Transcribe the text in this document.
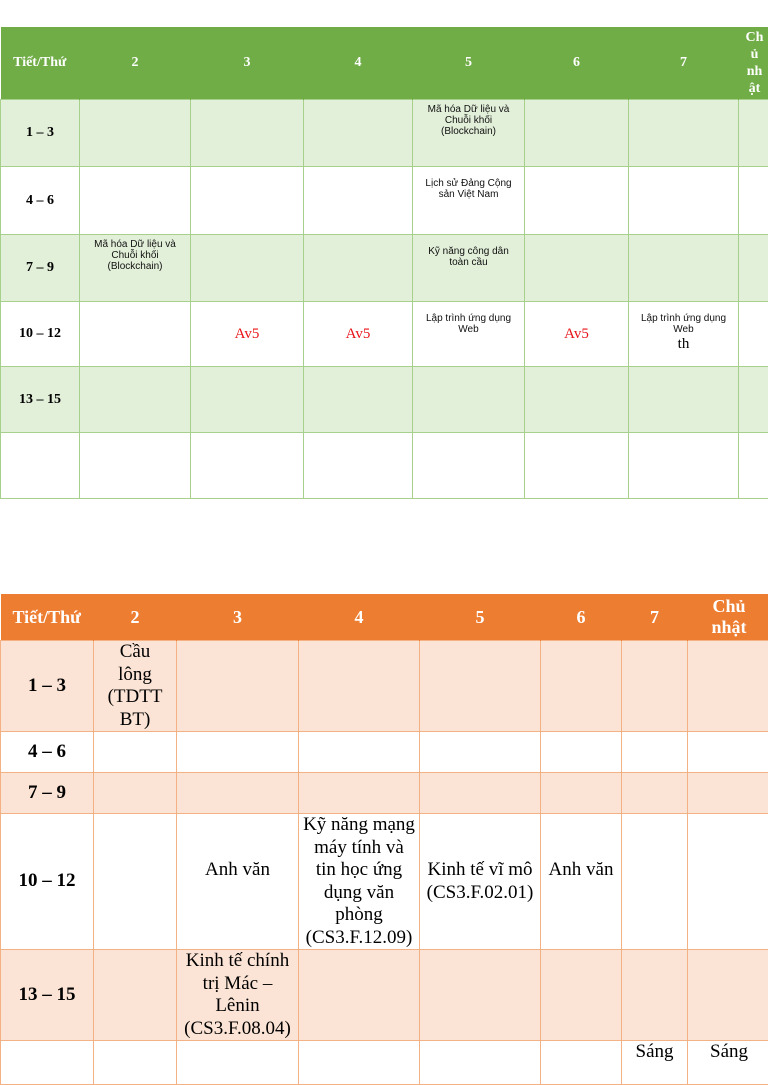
Tiết/Thứ	2	3	4	5	6	7	Ch
ủ
nh
ật
1 – 3				Mã hóa Dữ liệu và Chuỗi khối (Blockchain)			

4 – 6				Lịch sử Đảng Cộng sản Việt Nam			

7 – 9	Mã hóa Dữ liệu và Chuỗi khối (Blockchain)			Kỹ năng công dân toàn cầu			

10 – 12		Av5	Av5	Lập trình ứng dụng Web	Av5	Lập trình ứng dụng Web
th	

13 – 15							

Tiết/Thứ	2	3	4	5	6	7	Chủ nhật
1 – 3	Cầu lông (TDTT BT)						
4 – 6							
7 – 9							
10 – 12		Anh văn	Kỹ năng mạng máy tính và tin học ứng dụng văn phòng (CS3.F.12.09)	Kinh tế vĩ mô (CS3.F.02.01)	Anh văn		
13 – 15		Kinh tế chính trị Mác – Lênin (CS3.F.08.04)					
						Sáng	Sáng
